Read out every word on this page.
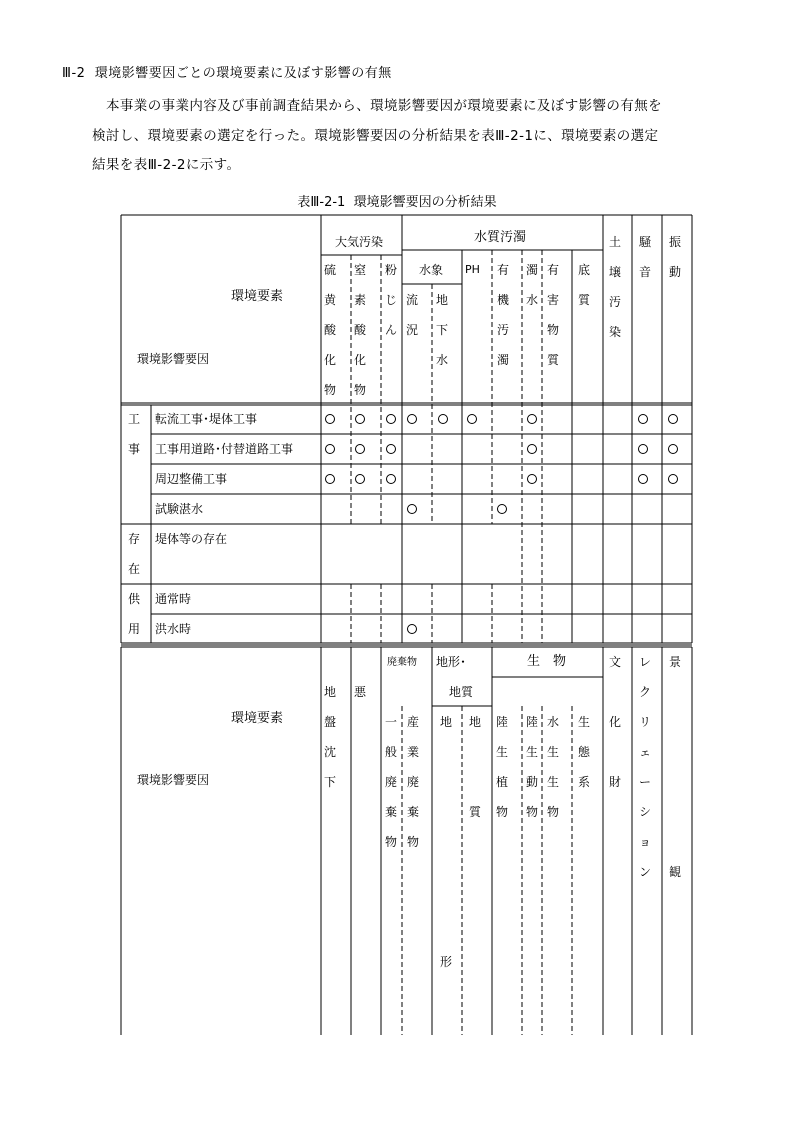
Ⅲ-2  環境影響要因ごとの環境要素に及ぼす影響の有無
本事業の事業内容及び事前調査結果から、環境影響要因が環境要素に及ぼす影響の有無を
検討し、環境要素の選定を行った。環境影響要因の分析結果を表Ⅲ-2-1に、環境要素の選定
結果を表Ⅲ-2-2に示す。
表Ⅲ-2-1  環境影響要因の分析結果
環境要素
環境影響要因
大気汚染	水質汚濁
水象
硫
黄
酸
化
物
窒
素
酸
化
物
粉
じ
ん
流
況
地
下
水
PH 有
機
汚
濁
濁
水
有
害
物
質
底
質
土
壌
汚
染
騒
音
振
動
工
事
存
在
供
用
転流工事･堤体工事
工事用道路･付替道路工事
周辺整備工事
試験湛水
堤体等の存在
通常時
洪水時
環境要素
環境影響要因
廃棄物 地形･
地質
生　物
地
盤
沈
下
悪
一
般
廃
棄
物
産
業
廃
棄
物
地
形
地
質
陸
生
植
物
陸
生
動
物
水
生
生
物
生
態
系
文
化
財
レ
ク
リ
ェ
ー
シ
ョ
ン
景
観
